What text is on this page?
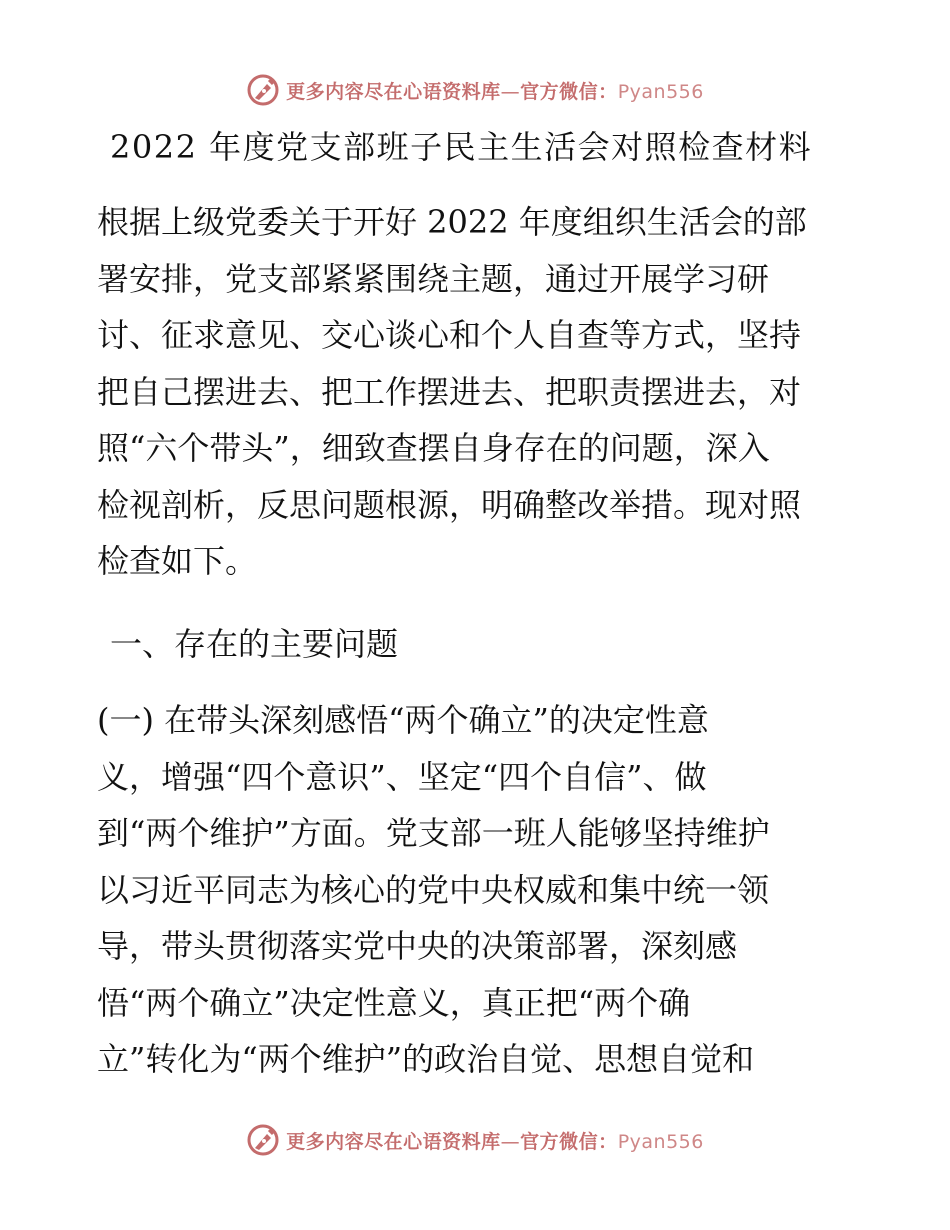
更多内容尽在心语资料库—官方微信：Pyan556
2022 年度党支部班子民主生活会对照检查材料
根据上级党委关于开好 2022 年度组织生活会的部
署安排，党支部紧紧围绕主题，通过开展学习研
讨、征求意见、交心谈心和个人自查等方式，坚持
把自己摆进去、把工作摆进去、把职责摆进去，对
照“六个带头”，细致查摆自身存在的问题，深入
检视剖析，反思问题根源，明确整改举措。现对照
检查如下。
一、存在的主要问题
(一) 在带头深刻感悟“两个确立”的决定性意
义，增强“四个意识”、坚定“四个自信”、做
到“两个维护”方面。党支部一班人能够坚持维护
以习近平同志为核心的党中央权威和集中统一领
导，带头贯彻落实党中央的决策部署，深刻感
悟“两个确立”决定性意义，真正把“两个确
立”转化为“两个维护”的政治自觉、思想自觉和
更多内容尽在心语资料库—官方微信：Pyan556
